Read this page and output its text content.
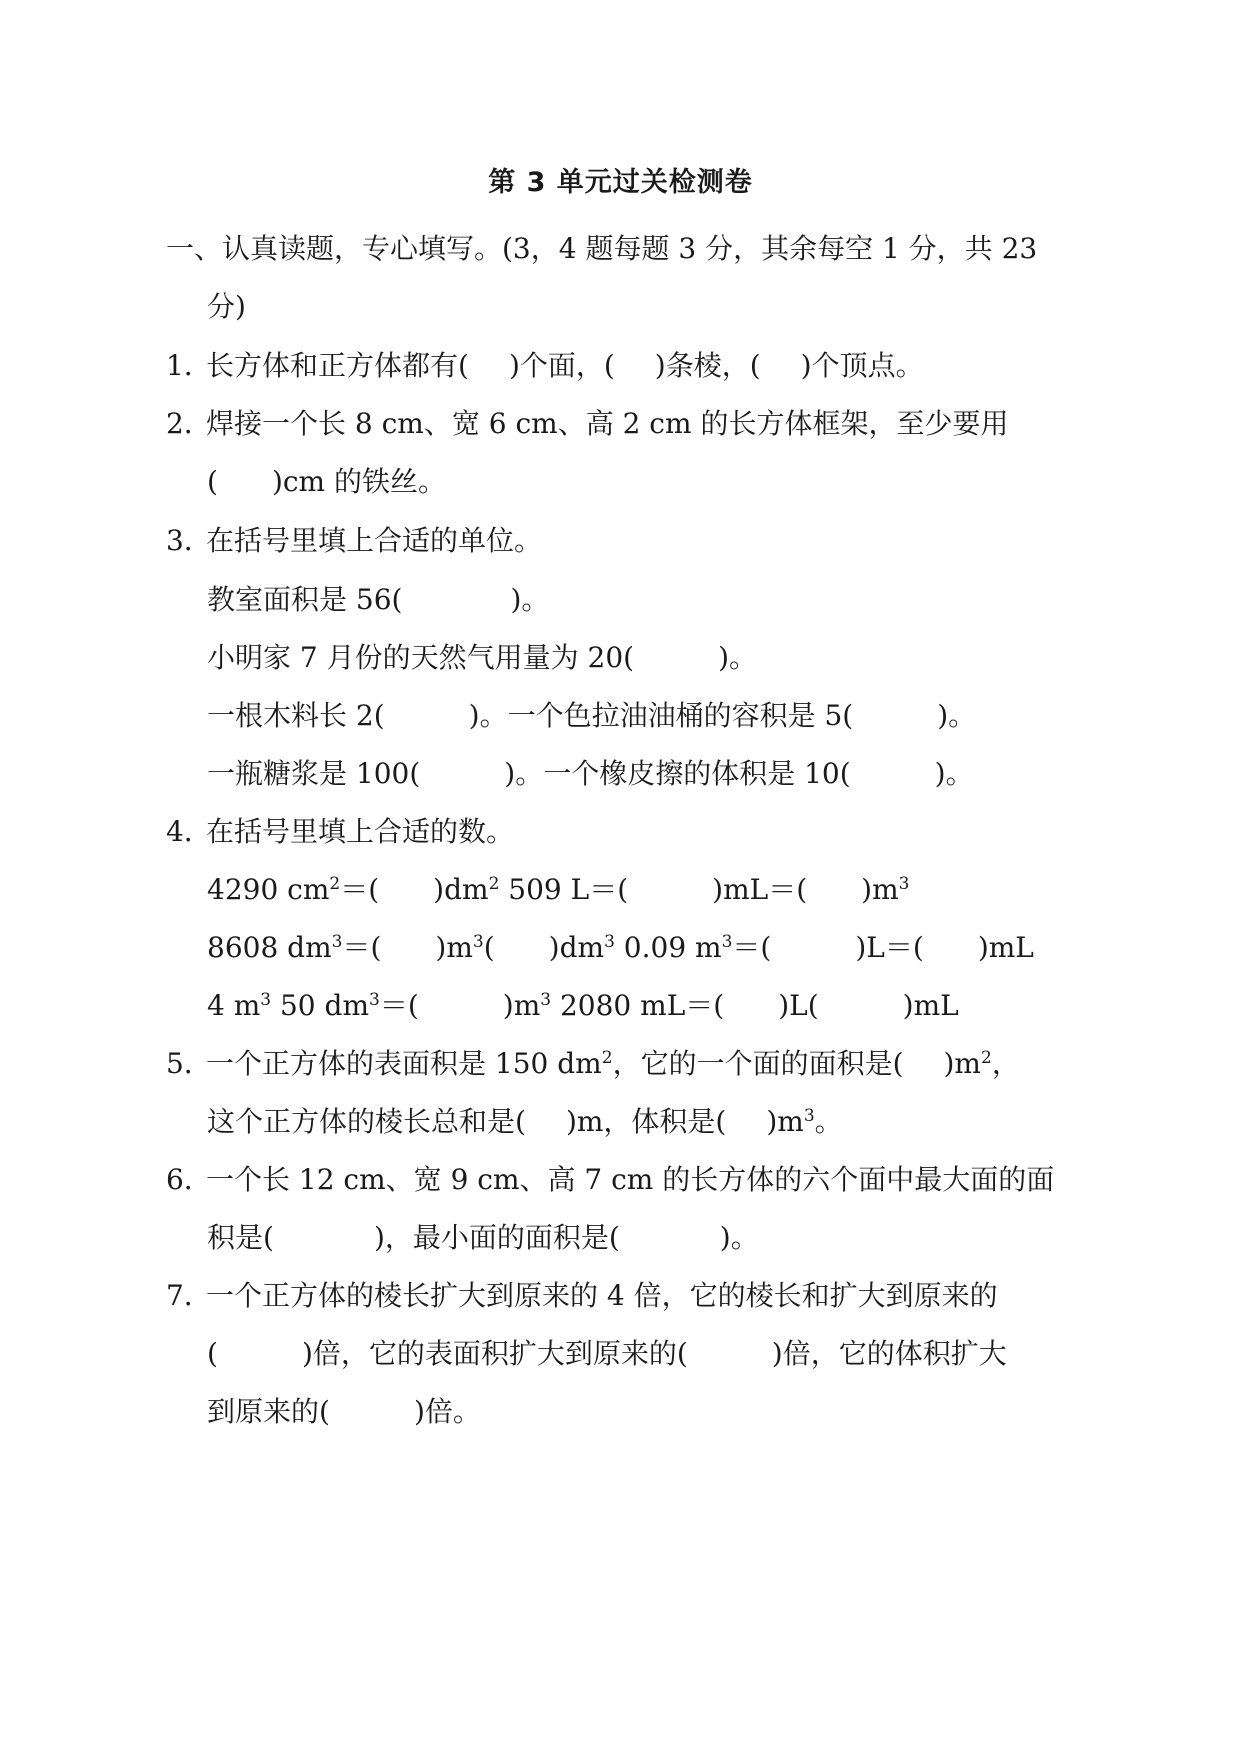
第 3 单元过关检测卷
一、认真读题，专心填写。(3，4 题每题 3 分，其余每空 1 分，共 23
分)
1．长方体和正方体都有( )个面，( )条棱，( )个顶点。
2．焊接一个长 8 cm、宽 6 cm、高 2 cm 的长方体框架，至少要用
( )cm 的铁丝。
3．在括号里填上合适的单位。
教室面积是 56(	)。
小明家 7 月份的天然气用量为 20(	)。
一根木料长 2(	)。一个色拉油油桶的容积是 5(	)。
一瓶糖浆是 100(	)。一个橡皮擦的体积是 10(	)。
4．在括号里填上合适的数。
4290 $cm^2=$( )$dm^2$ 509 L＝(	)mL＝( )$m^3$
8608 $dm^3=$( )$m^3$( )$dm^3$ 0.09 $m^3=$(	)L＝( )mL
4 $m^3$ 50 $dm^3=$(	)$m^3$ 2080 mL＝( )L(	)mL
5．一个正方体的表面积是 150 $dm^2$，它的一个面的面积是( )$m^2$，
这个正方体的棱长总和是( )m，体积是( )$m^3$。
6．一个长 12 cm、宽 9 cm、高 7 cm 的长方体的六个面中最大面的面
积是(	)，最小面的面积是(	)。
7．一个正方体的棱长扩大到原来的 4 倍，它的棱长和扩大到原来的
(	)倍，它的表面积扩大到原来的(	)倍，它的体积扩大
到原来的(	)倍。
